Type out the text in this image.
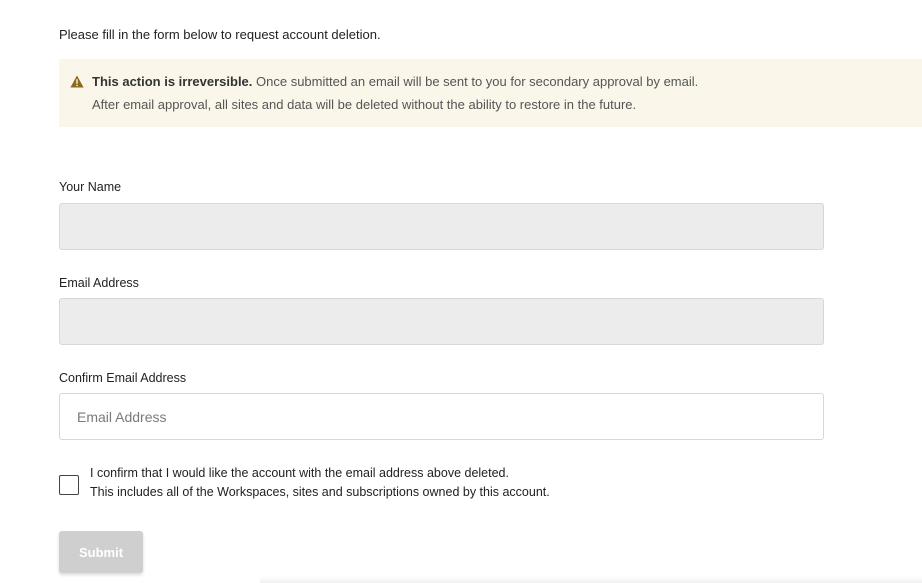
Please fill in the form below to request account deletion.
This action is irreversible. Once submitted an email will be sent to you for secondary approval by email.
After email approval, all sites and data will be deleted without the ability to restore in the future.
Your Name
Email Address
Confirm Email Address
Email Address
I confirm that I would like the account with the email address above deleted.
This includes all of the Workspaces, sites and subscriptions owned by this account.
Submit
